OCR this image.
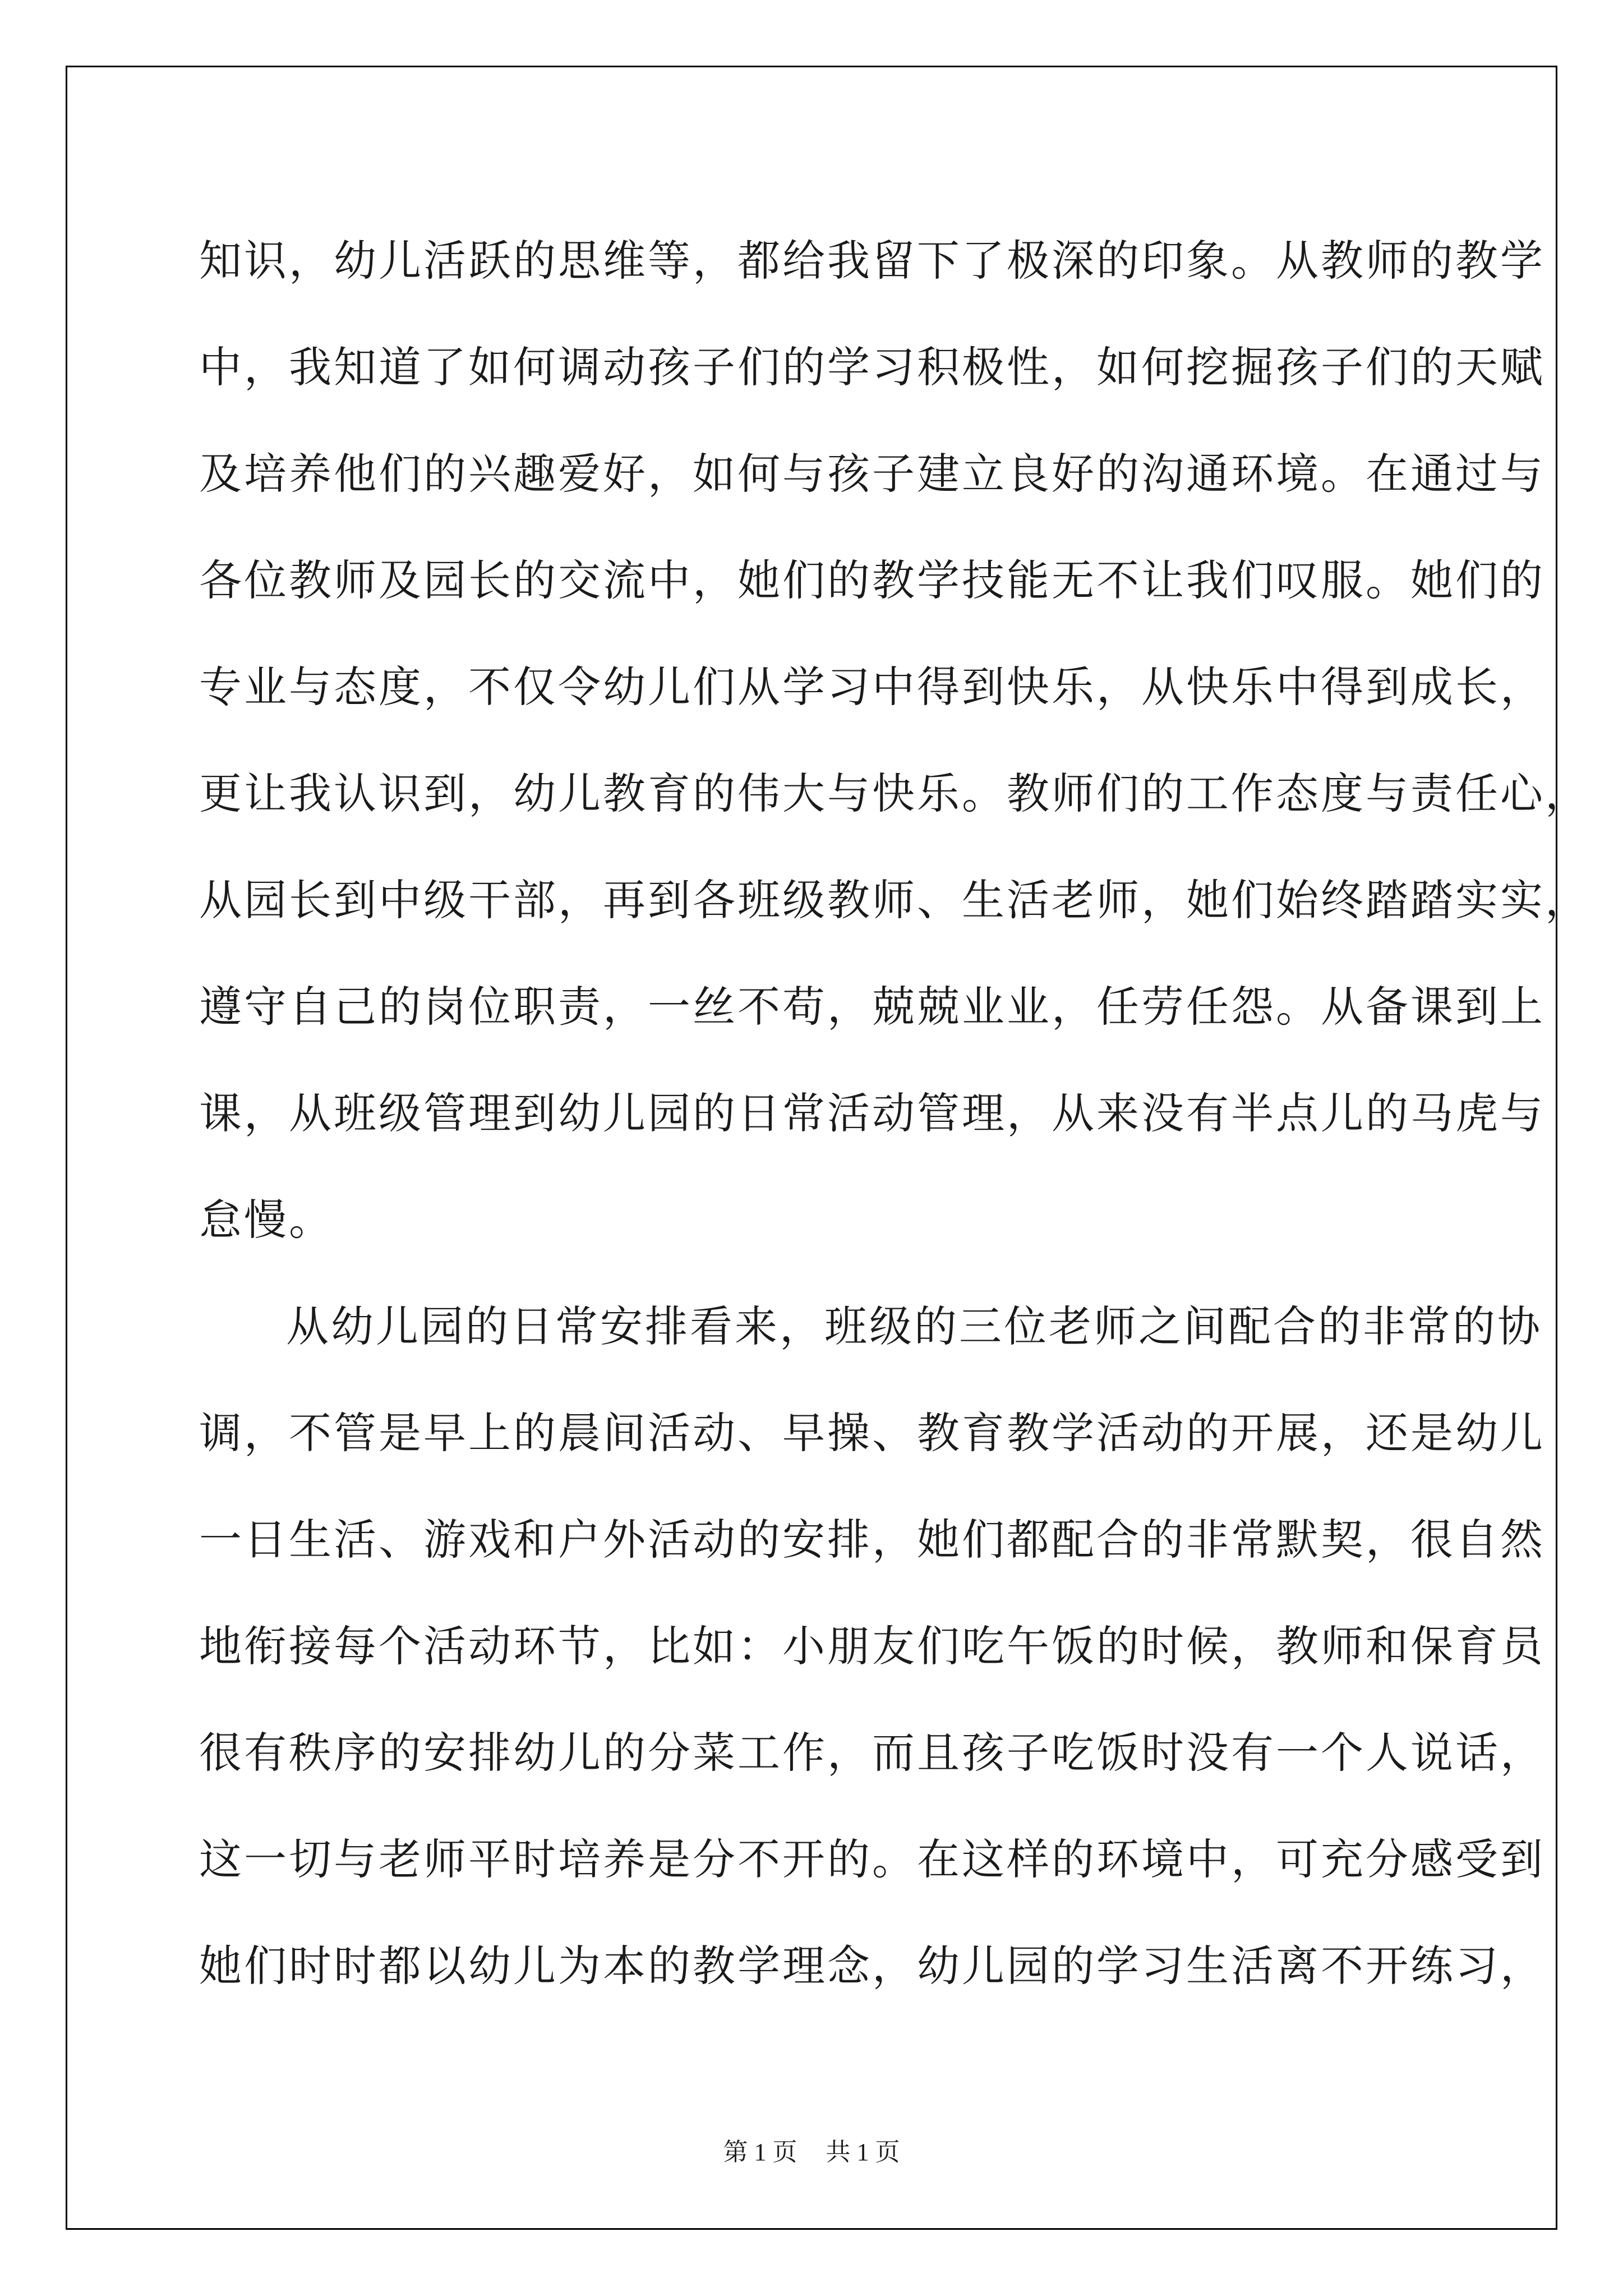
知识，幼儿活跃的思维等，都给我留下了极深的印象。从教师的教学
中，我知道了如何调动孩子们的学习积极性，如何挖掘孩子们的天赋
及培养他们的兴趣爱好，如何与孩子建立良好的沟通环境。在通过与
各位教师及园长的交流中，她们的教学技能无不让我们叹服。她们的
专业与态度，不仅令幼儿们从学习中得到快乐，从快乐中得到成长，
更让我认识到，幼儿教育的伟大与快乐。教师们的工作态度与责任心，
从园长到中级干部，再到各班级教师、生活老师，她们始终踏踏实实，
遵守自己的岗位职责，一丝不苟，兢兢业业，任劳任怨。从备课到上
课，从班级管理到幼儿园的日常活动管理，从来没有半点儿的马虎与
怠慢。
从幼儿园的日常安排看来，班级的三位老师之间配合的非常的协
调，不管是早上的晨间活动、早操、教育教学活动的开展，还是幼儿
一日生活、游戏和户外活动的安排，她们都配合的非常默契，很自然
地衔接每个活动环节，比如：小朋友们吃午饭的时候，教师和保育员
很有秩序的安排幼儿的分菜工作，而且孩子吃饭时没有一个人说话，
这一切与老师平时培养是分不开的。在这样的环境中，可充分感受到
她们时时都以幼儿为本的教学理念，幼儿园的学习生活离不开练习，
第 1 页 共 1 页
